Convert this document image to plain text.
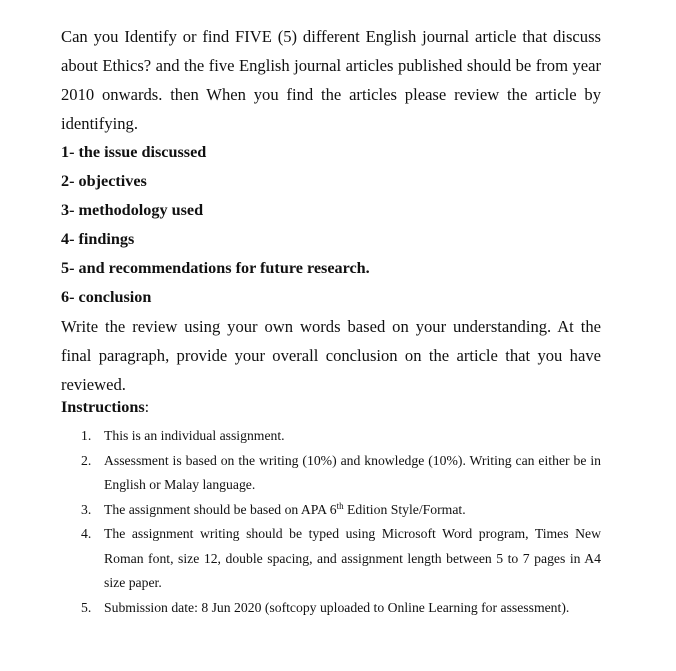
Can you Identify or find FIVE (5) different English journal article that discuss about Ethics? and the five English journal articles published should be from year 2010 onwards. then When you find the articles please review the article by identifying.

1- the issue discussed
2- objectives
3- methodology used
4- findings
5- and recommendations for future research.
6- conclusion

Write the review using your own words based on your understanding. At the final paragraph, provide your overall conclusion on the article that you have reviewed.

Instructions:

1. This is an individual assignment.
2. Assessment is based on the writing (10%) and knowledge (10%). Writing can either be in English or Malay language.
3. The assignment should be based on APA 6th Edition Style/Format.
4. The assignment writing should be typed using Microsoft Word program, Times New Roman font, size 12, double spacing, and assignment length between 5 to 7 pages in A4 size paper.
5. Submission date: 8 Jun 2020 (softcopy uploaded to Online Learning for assessment).
